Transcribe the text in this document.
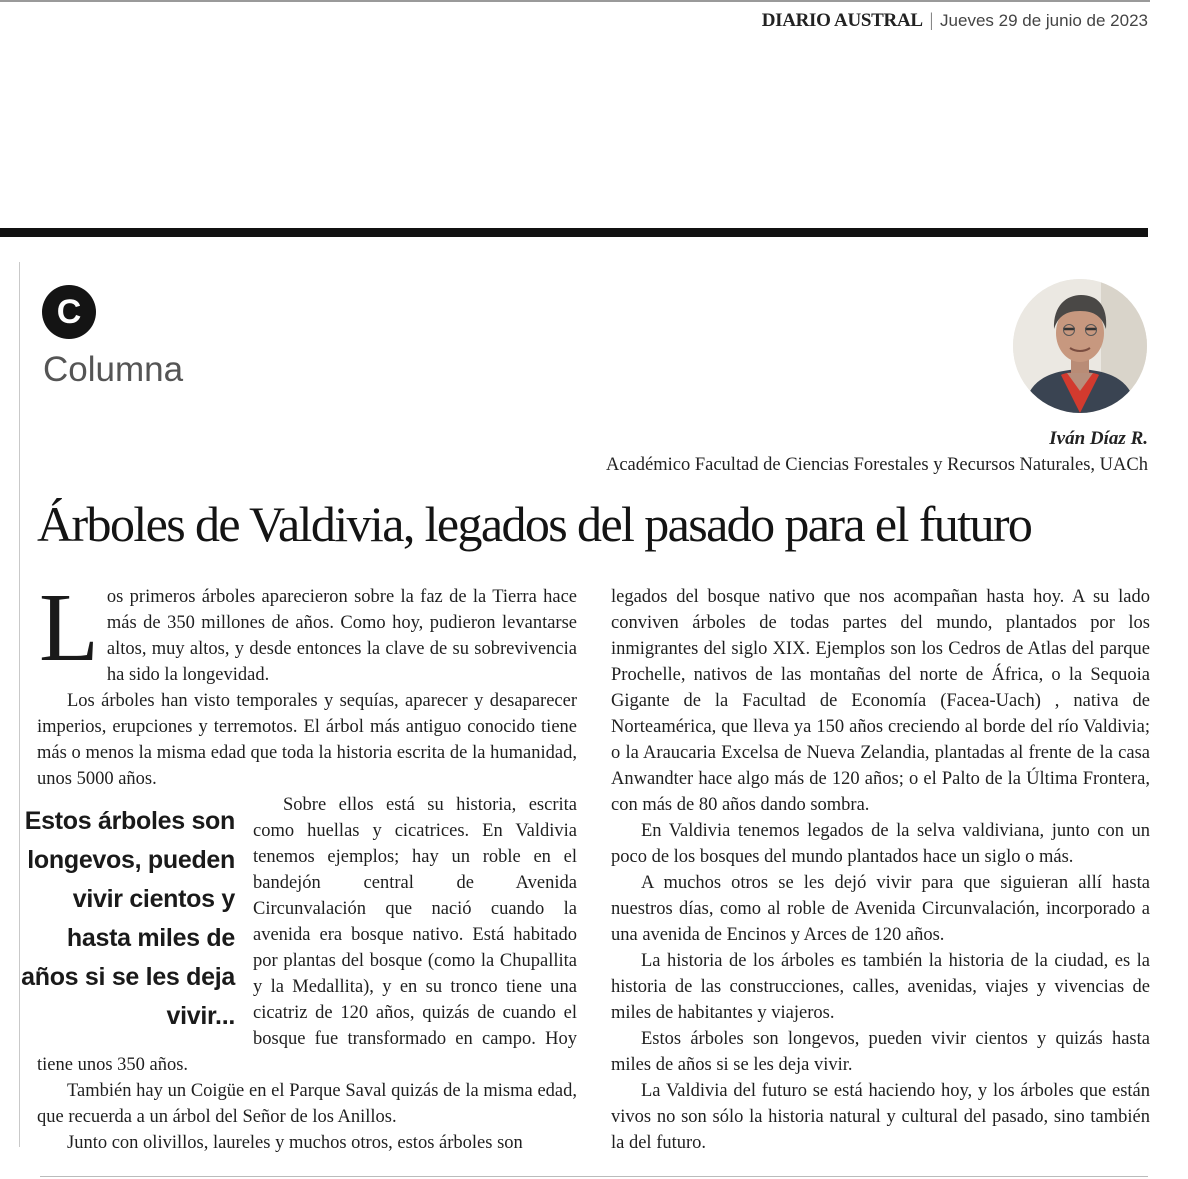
DIARIO AUSTRAL | Jueves 29 de junio de 2023
C
Columna
Iván Díaz R.
Académico Facultad de Ciencias Forestales y Recursos Naturales, UACh
Árboles de Valdivia, legados del pasado para el futuro

Los primeros árboles aparecieron sobre la faz de la Tierra hace más de 350 millones de años. Como hoy, pudieron levantarse altos, muy altos, y desde entonces la clave de su sobrevivencia ha sido la longevidad.

Los árboles han visto temporales y sequías, aparecer y desaparecer imperios, erupciones y terremotos. El árbol más antiguo conocido tiene más o menos la misma edad que toda la historia escrita de la humanidad, unos 5000 años.

Estos árboles son longevos, pueden vivir cientos y hasta miles de años si se les deja vivir...

Sobre ellos está su historia, escrita como huellas y cicatrices. En Valdivia tenemos ejemplos; hay un roble en el bandejón central de Avenida Circunvalación que nació cuando la avenida era bosque nativo. Está habitado por plantas del bosque (como la Chupallita y la Medallita), y en su tronco tiene una cicatriz de 120 años, quizás de cuando el bosque fue transformado en campo. Hoy tiene unos 350 años.

También hay un Coigüe en el Parque Saval quizás de la misma edad, que recuerda a un árbol del Señor de los Anillos.

Junto con olivillos, laureles y muchos otros, estos árboles son

legados del bosque nativo que nos acompañan hasta hoy. A su lado conviven árboles de todas partes del mundo, plantados por los inmigrantes del siglo XIX. Ejemplos son los Cedros de Atlas del parque Prochelle, nativos de las montañas del norte de África, o la Sequoia Gigante de la Facultad de Economía (Facea-Uach) , nativa de Norteamérica, que lleva ya 150 años creciendo al borde del río Valdivia; o la Araucaria Excelsa de Nueva Zelandia, plantadas al frente de la casa Anwandter hace algo más de 120 años; o el Palto de la Última Frontera, con más de 80 años dando sombra.

En Valdivia tenemos legados de la selva valdiviana, junto con un poco de los bosques del mundo plantados hace un siglo o más.

A muchos otros se les dejó vivir para que siguieran allí hasta nuestros días, como al roble de Avenida Circunvalación, incorporado a una avenida de Encinos y Arces de 120 años.

La historia de los árboles es también la historia de la ciudad, es la historia de las construcciones, calles, avenidas, viajes y vivencias de miles de habitantes y viajeros.

Estos árboles son longevos, pueden vivir cientos y quizás hasta miles de años si se les deja vivir.

La Valdivia del futuro se está haciendo hoy, y los árboles que están vivos no son sólo la historia natural y cultural del pasado, sino también la del futuro.
